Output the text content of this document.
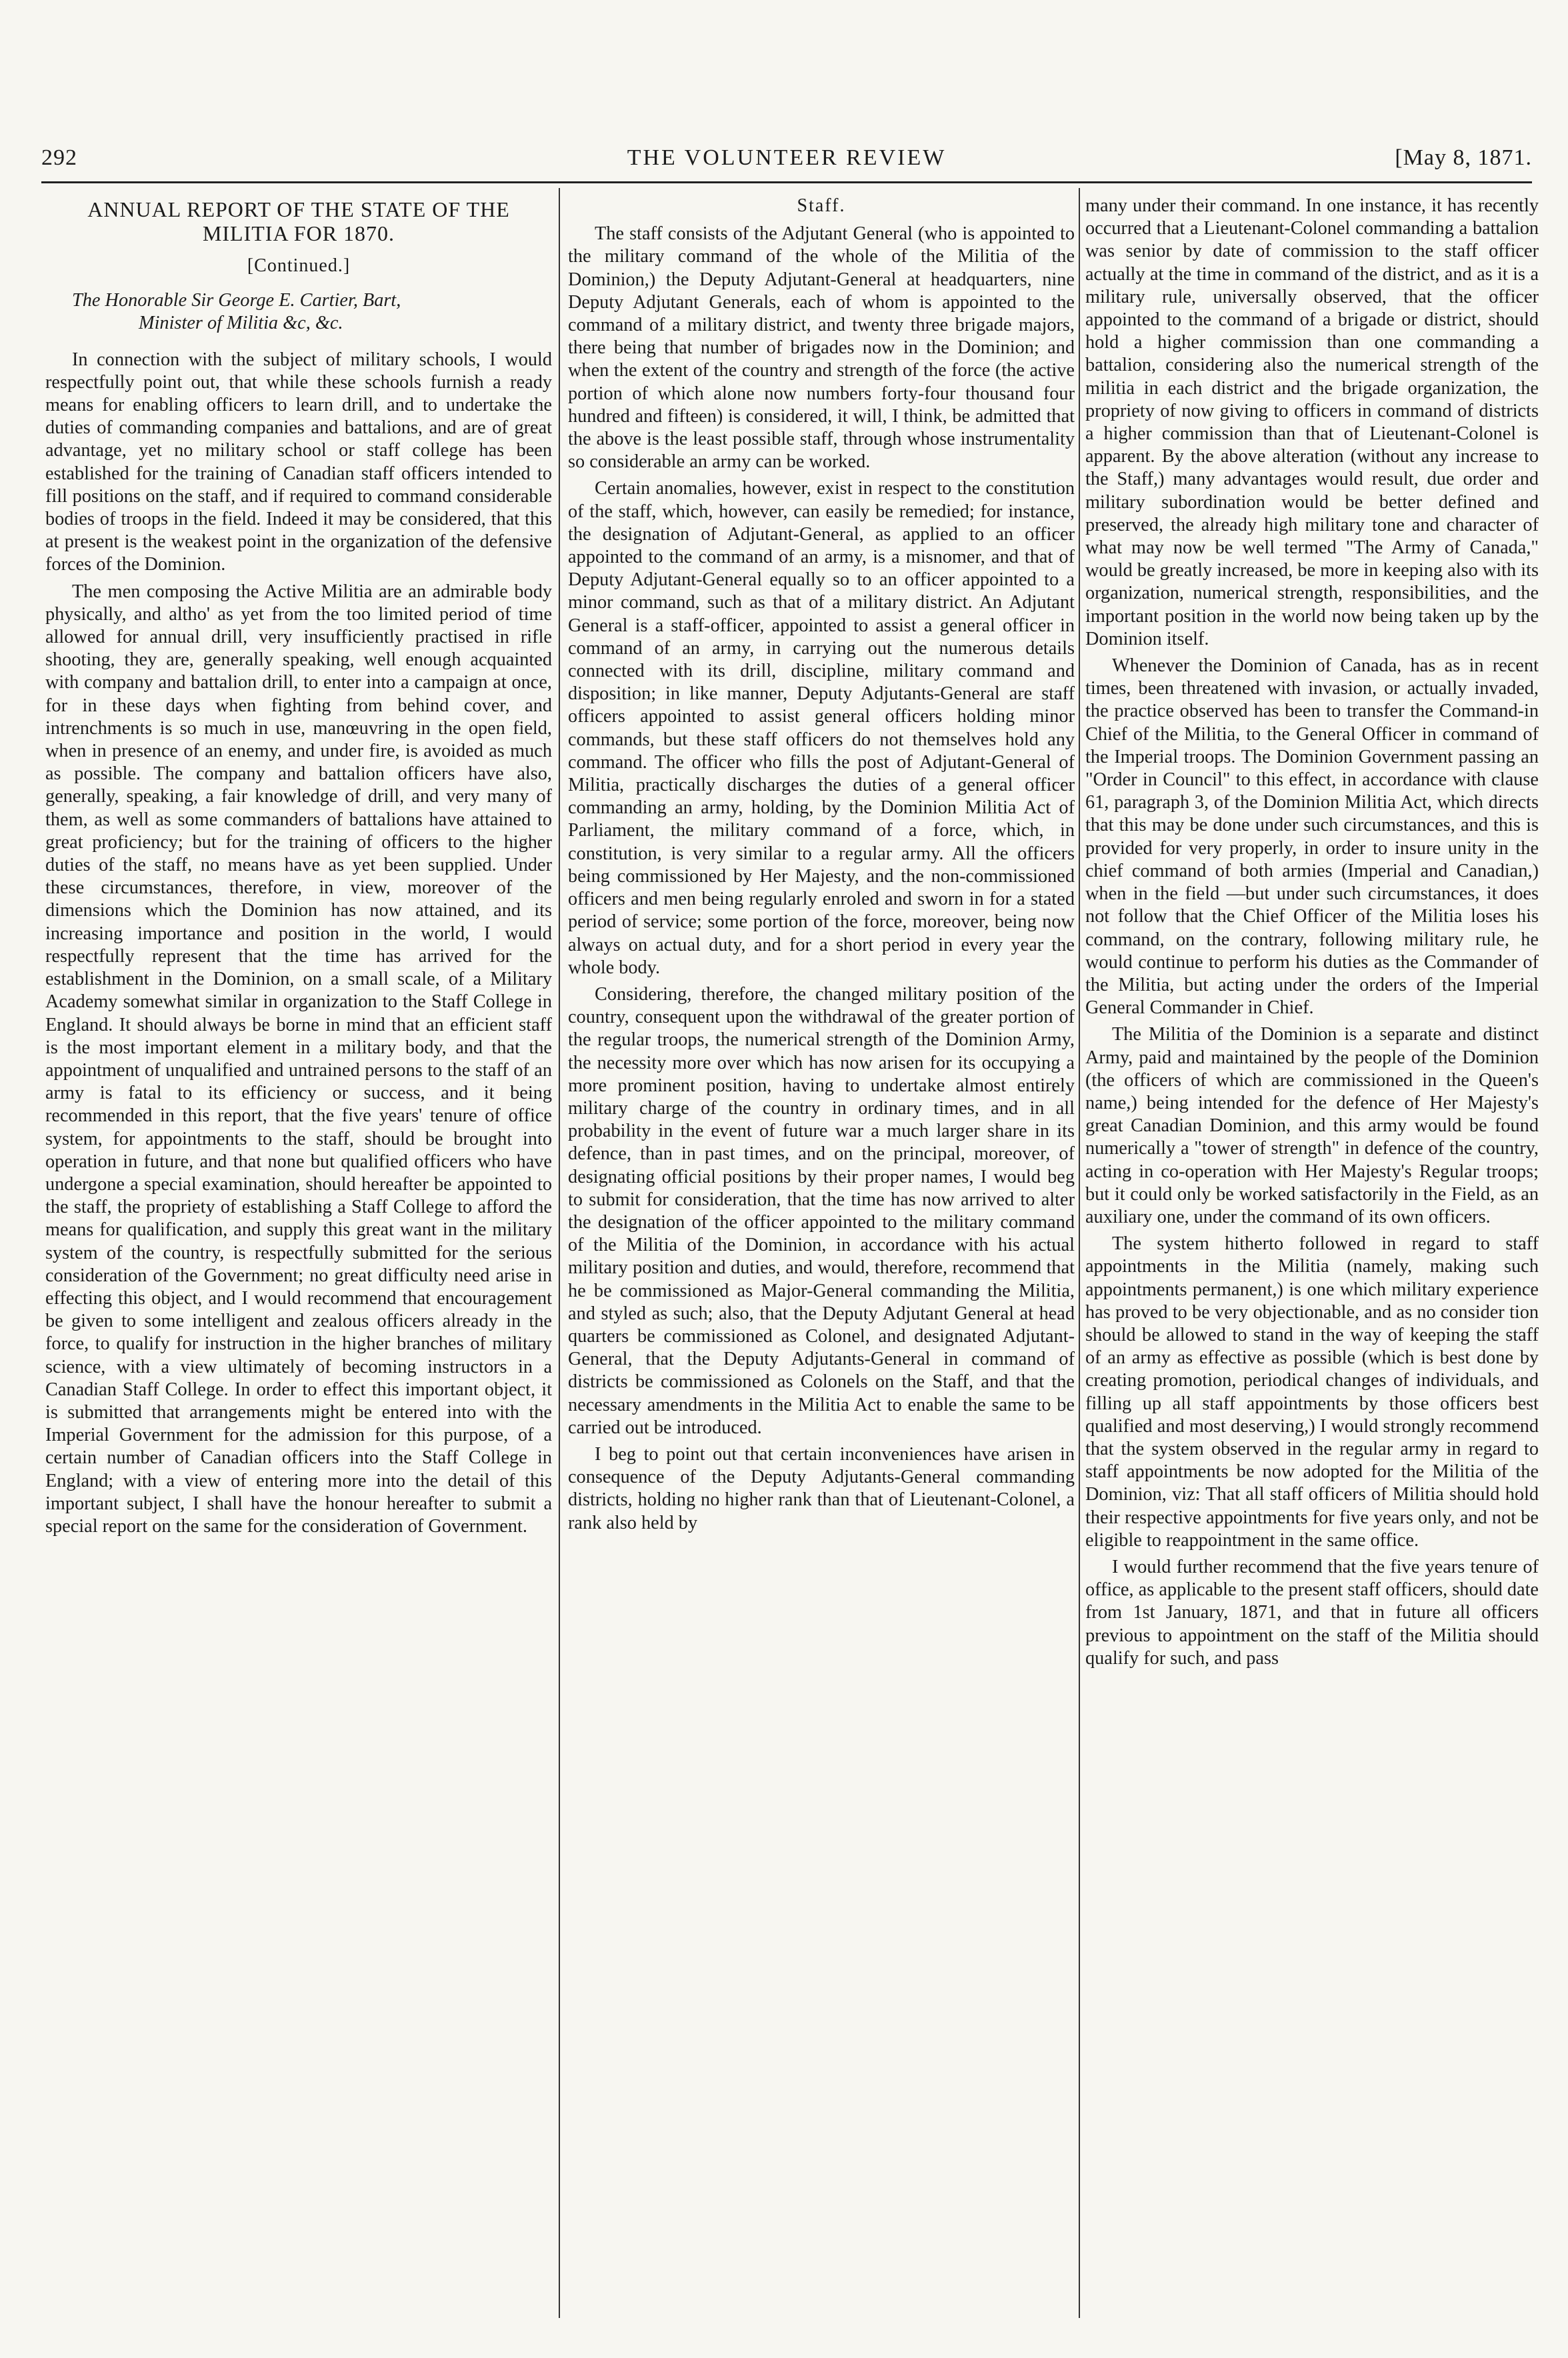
292	THE VOLUNTEER REVIEW	[May 8, 1871.
ANNUAL REPORT OF THE STATE OF THE MILITIA FOR 1870.
[Continued.]
The Honorable Sir George E. Cartier, Bart,
Minister of Militia &c, &c.

In connection with the subject of military schools, I would respectfully point out, that while these schools furnish a ready means for enabling officers to learn drill, and to undertake the duties of commanding companies and battalions, and are of great advantage, yet no military school or staff college has been established for the training of Canadian staff officers intended to fill positions on the staff, and if required to command considerable bodies of troops in the field. Indeed it may be considered, that this at present is the weakest point in the organization of the defensive forces of the Dominion.

The men composing the Active Militia are an admirable body physically, and altho' as yet from the too limited period of time allowed for annual drill, very insufficiently practised in rifle shooting, they are, generally speaking, well enough acquainted with company and battalion drill, to enter into a campaign at once, for in these days when fighting from behind cover, and intrenchments is so much in use, manœuvring in the open field, when in presence of an enemy, and under fire, is avoided as much as possible. The company and battalion officers have also, generally, speaking, a fair knowledge of drill, and very many of them, as well as some commanders of battalions have attained to great proficiency; but for the training of officers to the higher duties of the staff, no means have as yet been supplied. Under these circumstances, therefore, in view, moreover of the dimensions which the Dominion has now attained, and its increasing importance and position in the world, I would respectfully represent that the time has arrived for the establishment in the Dominion, on a small scale, of a Military Academy somewhat similar in organization to the Staff College in England. It should always be borne in mind that an efficient staff is the most important element in a military body, and that the appointment of unqualified and untrained persons to the staff of an army is fatal to its efficiency or success, and it being recommended in this report, that the five years' tenure of office system, for appointments to the staff, should be brought into operation in future, and that none but qualified officers who have undergone a special examination, should hereafter be appointed to the staff, the propriety of establishing a Staff College to afford the means for qualification, and supply this great want in the military system of the country, is respectfully submitted for the serious consideration of the Government; no great difficulty need arise in effecting this object, and I would recommend that encouragement be given to some intelligent and zealous officers already in the force, to qualify for instruction in the higher branches of military science, with a view ultimately of becoming instructors in a Canadian Staff College. In order to effect this important object, it is submitted that arrangements might be entered into with the Imperial Government for the admission for this purpose, of a certain number of Canadian officers into the Staff College in England; with a view of entering more into the detail of this important subject, I shall have the honour hereafter to submit a special report on the same for the consideration of Government.

Staff.

The staff consists of the Adjutant General (who is appointed to the military command of the whole of the Militia of the Dominion,) the Deputy Adjutant-General at headquarters, nine Deputy Adjutant Generals, each of whom is appointed to the command of a military district, and twenty three brigade majors, there being that number of brigades now in the Dominion; and when the extent of the country and strength of the force (the active portion of which alone now numbers forty-four thousand four hundred and fifteen) is considered, it will, I think, be admitted that the above is the least possible staff, through whose instrumentality so considerable an army can be worked.

Certain anomalies, however, exist in respect to the constitution of the staff, which, however, can easily be remedied; for instance, the designation of Adjutant-General, as applied to an officer appointed to the command of an army, is a misnomer, and that of Deputy Adjutant-General equally so to an officer appointed to a minor command, such as that of a military district. An Adjutant General is a staff-officer, appointed to assist a general officer in command of an army, in carrying out the numerous details connected with its drill, discipline, military command and disposition; in like manner, Deputy Adjutants-General are staff officers appointed to assist general officers holding minor commands, but these staff officers do not themselves hold any command. The officer who fills the post of Adjutant-General of Militia, practically discharges the duties of a general officer commanding an army, holding, by the Dominion Militia Act of Parliament, the military command of a force, which, in constitution, is very similar to a regular army. All the officers being commissioned by Her Majesty, and the non-commissioned officers and men being regularly enroled and sworn in for a stated period of service; some portion of the force, moreover, being now always on actual duty, and for a short period in every year the whole body.

Considering, therefore, the changed military position of the country, consequent upon the withdrawal of the greater portion of the regular troops, the numerical strength of the Dominion Army, the necessity more over which has now arisen for its occupying a more prominent position, having to undertake almost entirely military charge of the country in ordinary times, and in all probability in the event of future war a much larger share in its defence, than in past times, and on the principal, moreover, of designating official positions by their proper names, I would beg to submit for consideration, that the time has now arrived to alter the designation of the officer appointed to the military command of the Militia of the Dominion, in accordance with his actual military position and duties, and would, therefore, recommend that he be commissioned as Major-General commanding the Militia, and styled as such; also, that the Deputy Adjutant General at head quarters be commissioned as Colonel, and designated Adjutant-General, that the Deputy Adjutants-General in command of districts be commissioned as Colonels on the Staff, and that the necessary amendments in the Militia Act to enable the same to be carried out be introduced.

I beg to point out that certain inconveniences have arisen in consequence of the Deputy Adjutants-General commanding districts, holding no higher rank than that of Lieutenant-Colonel, a rank also held by

many under their command. In one instance, it has recently occurred that a Lieutenant-Colonel commanding a battalion was senior by date of commission to the staff officer actually at the time in command of the district, and as it is a military rule, universally observed, that the officer appointed to the command of a brigade or district, should hold a higher commission than one commanding a battalion, considering also the numerical strength of the militia in each district and the brigade organization, the propriety of now giving to officers in command of districts a higher commission than that of Lieutenant-Colonel is apparent. By the above alteration (without any increase to the Staff,) many advantages would result, due order and military subordination would be better defined and preserved, the already high military tone and character of what may now be well termed "The Army of Canada," would be greatly increased, be more in keeping also with its organization, numerical strength, responsibilities, and the important position in the world now being taken up by the Dominion itself.

Whenever the Dominion of Canada, has as in recent times, been threatened with invasion, or actually invaded, the practice observed has been to transfer the Command-in Chief of the Militia, to the General Officer in command of the Imperial troops. The Dominion Government passing an "Order in Council" to this effect, in accordance with clause 61, paragraph 3, of the Dominion Militia Act, which directs that this may be done under such circumstances, and this is provided for very properly, in order to insure unity in the chief command of both armies (Imperial and Canadian,) when in the field —but under such circumstances, it does not follow that the Chief Officer of the Militia loses his command, on the contrary, following military rule, he would continue to perform his duties as the Commander of the Militia, but acting under the orders of the Imperial General Commander in Chief.

The Militia of the Dominion is a separate and distinct Army, paid and maintained by the people of the Dominion (the officers of which are commissioned in the Queen's name,) being intended for the defence of Her Majesty's great Canadian Dominion, and this army would be found numerically a "tower of strength" in defence of the country, acting in co-operation with Her Majesty's Regular troops; but it could only be worked satisfactorily in the Field, as an auxiliary one, under the command of its own officers.

The system hitherto followed in regard to staff appointments in the Militia (namely, making such appointments permanent,) is one which military experience has proved to be very objectionable, and as no consider tion should be allowed to stand in the way of keeping the staff of an army as effective as possible (which is best done by creating promotion, periodical changes of individuals, and filling up all staff appointments by those officers best qualified and most deserving,) I would strongly recommend that the system observed in the regular army in regard to staff appointments be now adopted for the Militia of the Dominion, viz: That all staff officers of Militia should hold their respective appointments for five years only, and not be eligible to reappointment in the same office.

I would further recommend that the five years tenure of office, as applicable to the present staff officers, should date from 1st January, 1871, and that in future all officers previous to appointment on the staff of the Militia should qualify for such, and pass
